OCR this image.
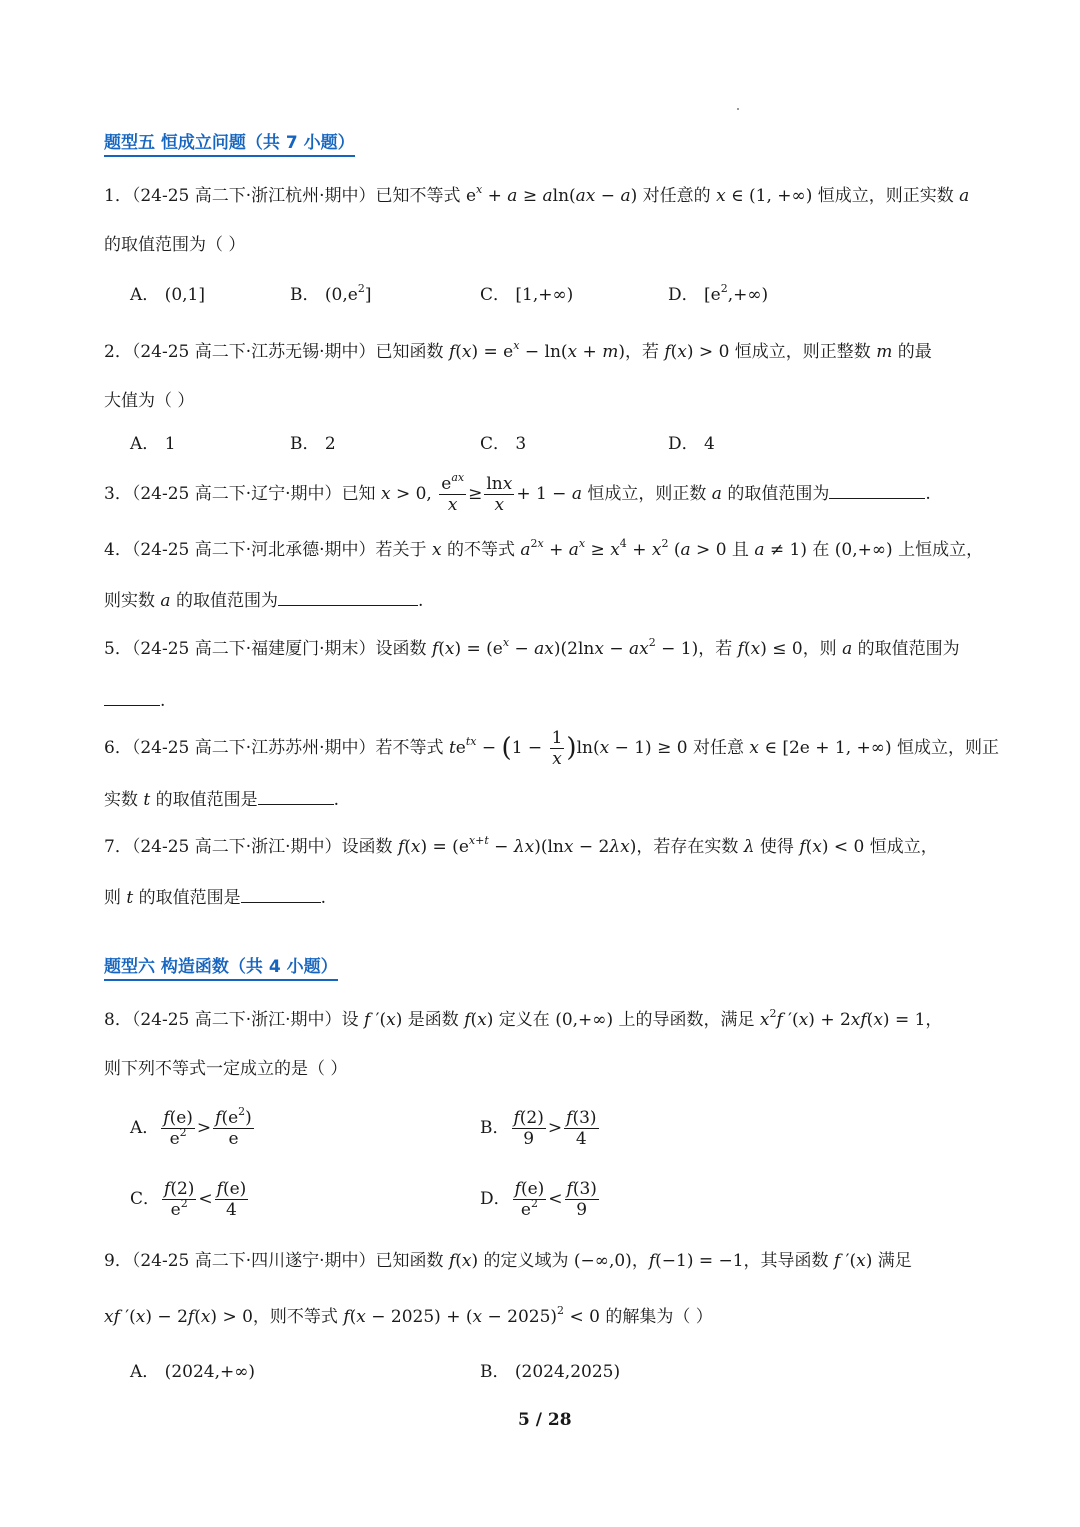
题型五 恒成立问题（共 7 小题）
1．（24-25 高二下·浙江杭州·期中）已知不等式 $e^x + a \ge aln(ax - a)$ 对任意的 x ∈ (1, +∞) 恒成立，则正实数 a
的取值范围为（ ）
A． (0,1]	B． $(0,e^2]$	C． [1,+∞)	D． $[e^2,+\infty)$
2．（24-25 高二下·江苏无锡·期中）已知函数 $f(x) = e^x - \ln(x + m)$，若 f(x) > 0 恒成立，则正整数 m 的最
大值为（ ）
A． 1	B． 2	C． 3	D． 4
3．（24-25 高二下·辽宁·期中）已知 x > 0, $\frac{e^{ax}}{x} \ge \frac{\ln x}{x} + 1 - a$ 恒成立，则正数 a 的取值范围为	.
4．（24-25 高二下·河北承德·期中）若关于 x 的不等式 $a^{2x} + a^x \ge x^4 + x^2$ (a > 0 且 a ≠ 1) 在 (0,+∞) 上恒成立，
则实数 a 的取值范围为	.
5．（24-25 高二下·福建厦门·期末）设函数 $f(x) = (e^x - ax)(2\ln x - ax^2 - 1)$，若 f(x) ≤ 0，则 a 的取值范围为
.
6．（24-25 高二下·江苏苏州·期中）若不等式 $te^{tx} - (1 - \frac{1}{x} )\ln(x - 1) \ge 0$ 对任意 x ∈ [2e + 1, +∞) 恒成立，则正
实数 t 的取值范围是	.
7．（24-25 高二下·浙江·期中）设函数 $f(x) = (e^{x+t} - \lambda x)(\ln x - 2\lambda x)$，若存在实数 λ 使得 f(x) < 0 恒成立，
则 t 的取值范围是	.
题型六 构造函数（共 4 小题）
8．（24-25 高二下·浙江·期中）设 f ′(x) 是函数 f(x) 定义在 (0,+∞) 上的导函数，满足 $x^2f$ ′(x) + 2xf(x) = 1，
则下列不等式一定成立的是（ ）
A． $\frac{f(e)}{e^2} > \frac{f(e^2)}{e}$	B． $\frac{f(2)}{9} > \frac{f(3)}{4}$
C． $\frac{f(2)}{e^2} < \frac{f(e)}{4}$	D． $\frac{f(e)}{e^2} < \frac{f(3)}{9}$
9．（24-25 高二下·四川遂宁·期中）已知函数 f(x) 的定义域为 (−∞,0)，f(−1) = −1，其导函数 f ′(x) 满足
xf ′(x) − 2f(x) > 0，则不等式 $f(x - 2025) + (x - 2025)^2 < 0$ 的解集为（ ）
A． (2024,+∞)	B． (2024,2025)
5 / 28
